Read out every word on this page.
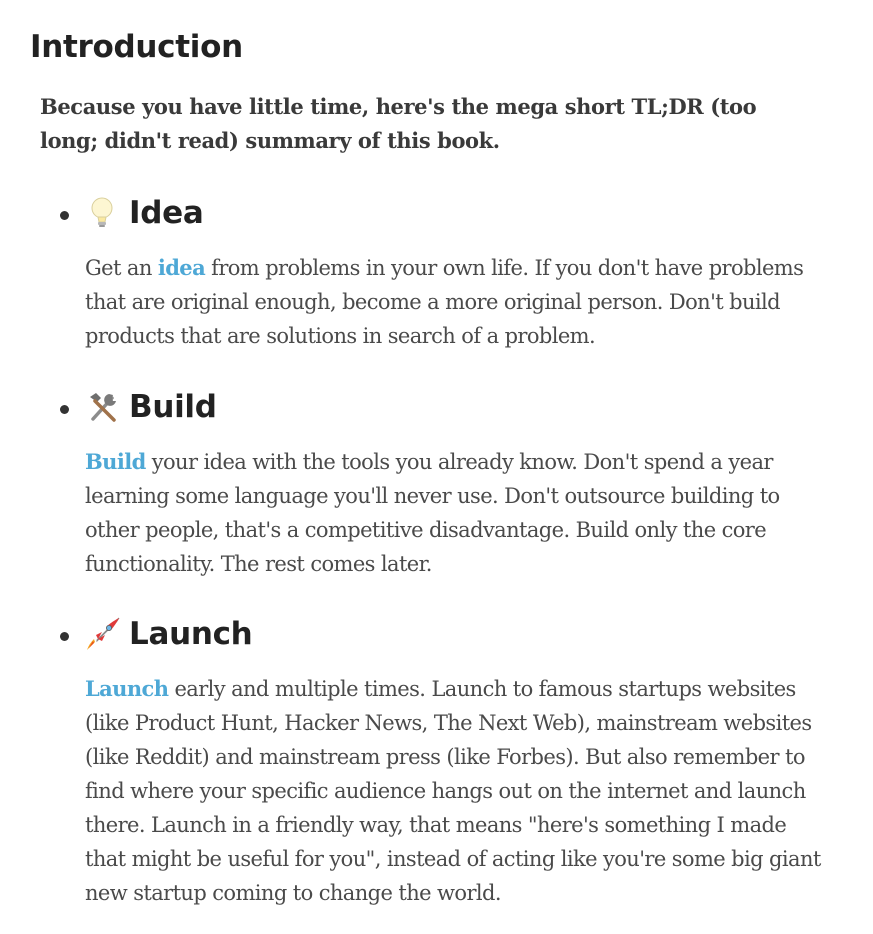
Introduction

Because you have little time, here's the mega short TL;DR (too long; didn't read) summary of this book.

Idea

Get an idea from problems in your own life. If you don't have problems that are original enough, become a more original person. Don't build products that are solutions in search of a problem.

Build

Build your idea with the tools you already know. Don't spend a year learning some language you'll never use. Don't outsource building to other people, that's a competitive disadvantage. Build only the core functionality. The rest comes later.

Launch

Launch early and multiple times. Launch to famous startups websites (like Product Hunt, Hacker News, The Next Web), mainstream websites (like Reddit) and mainstream press (like Forbes). But also remember to find where your specific audience hangs out on the internet and launch there. Launch in a friendly way, that means "here's something I made that might be useful for you", instead of acting like you're some big giant new startup coming to change the world.
